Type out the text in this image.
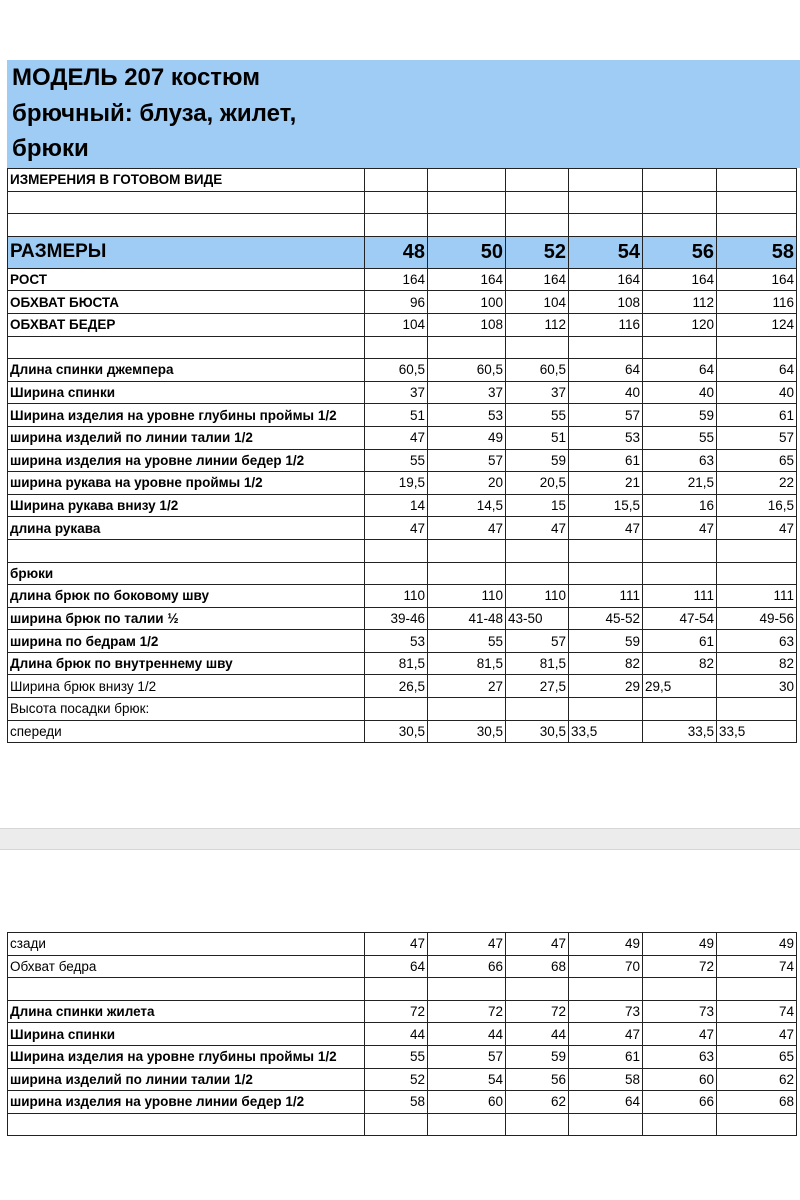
МОДЕЛЬ 207 костюм
брючный: блуза, жилет,
брюки
ИЗМЕРЕНИЯ В ГОТОВОМ ВИДЕ						

РАЗМЕРЫ	48	50	52	54	56	58
РОСТ	164	164	164	164	164	164
ОБХВАТ БЮСТА	96	100	104	108	112	116
ОБХВАТ БЕДЕР	104	108	112	116	120	124

Длина спинки джемпера	60,5	60,5	60,5	64	64	64
Ширина спинки	37	37	37	40	40	40
Ширина изделия на уровне глубины проймы 1/2	51	53	55	57	59	61
ширина изделий по линии талии 1/2	47	49	51	53	55	57
ширина изделия на уровне линии бедер 1/2	55	57	59	61	63	65
ширина рукава на уровне проймы 1/2	19,5	20	20,5	21	21,5	22
Ширина рукава внизу 1/2	14	14,5	15	15,5	16	16,5
длина рукава	47	47	47	47	47	47

брюки						
длина брюк по боковому шву	110	110	110	111	111	111
ширина брюк по талии ½	39-46	41-48	43-50	45-52	47-54	49-56
ширина по бедрам 1/2	53	55	57	59	61	63
Длина брюк по внутреннему шву	81,5	81,5	81,5	82	82	82
Ширина брюк внизу 1/2	26,5	27	27,5	29	29,5	30
Высота посадки брюк:						
спереди	30,5	30,5	30,5	33,5	33,5	33,5
сзади	47	47	47	49	49	49
Обхват бедра	64	66	68	70	72	74

Длина спинки жилета	72	72	72	73	73	74
Ширина спинки	44	44	44	47	47	47
Ширина изделия на уровне глубины проймы 1/2	55	57	59	61	63	65
ширина изделий по линии талии 1/2	52	54	56	58	60	62
ширина изделия на уровне линии бедер 1/2	58	60	62	64	66	68
